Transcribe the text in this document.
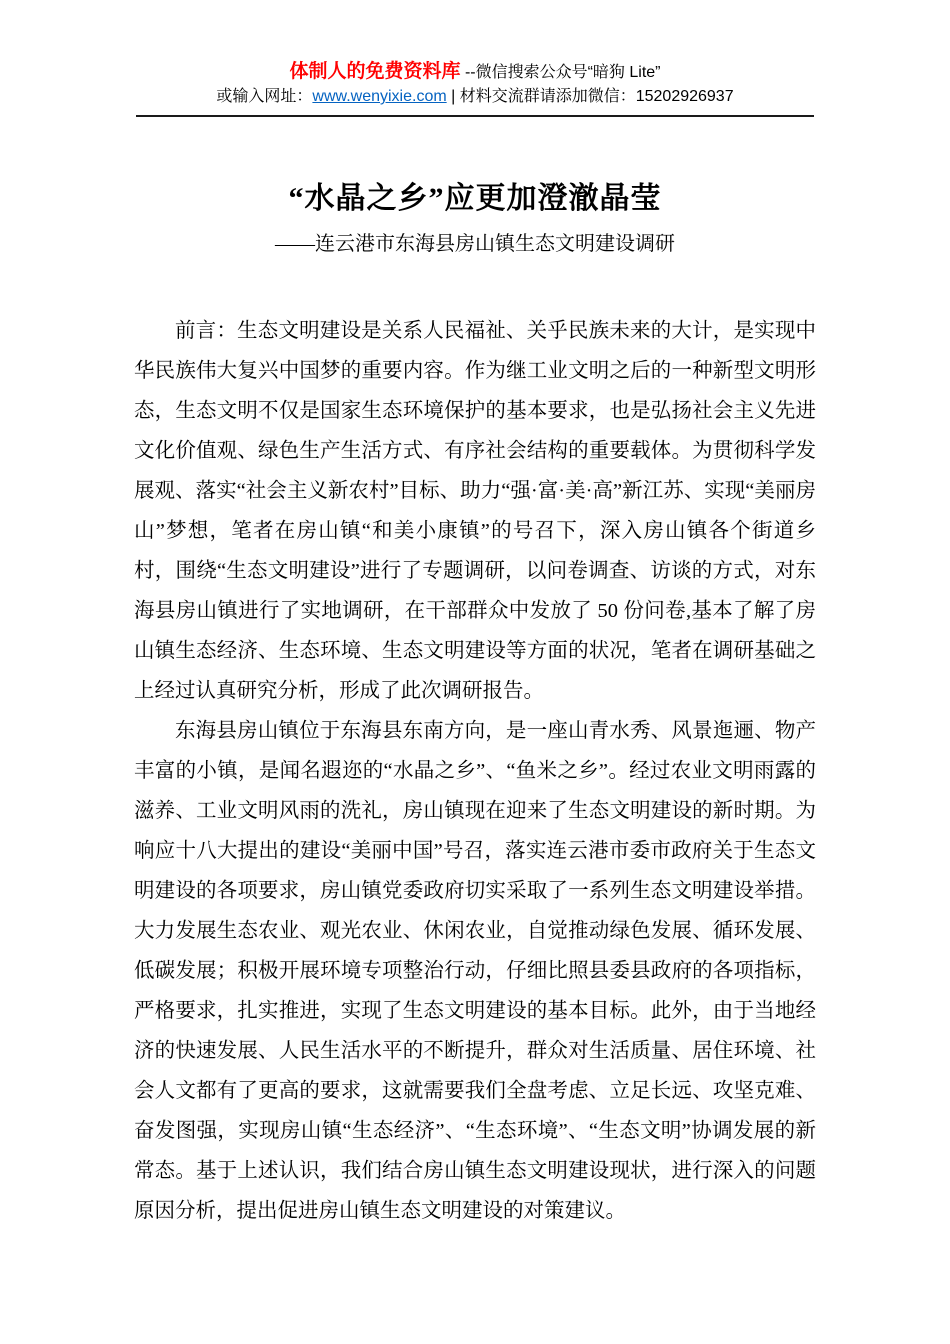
体制人的免费资料库 --微信搜索公众号“暗狗 Lite”
或输入网址：www.wenyixie.com | 材料交流群请添加微信：15202926937
“水晶之乡”应更加澄澈晶莹
——连云港市东海县房山镇生态文明建设调研

前言：生态文明建设是关系人民福祉、关乎民族未来的大计，是实现中华民族伟大复兴中国梦的重要内容。作为继工业文明之后的一种新型文明形态，生态文明不仅是国家生态环境保护的基本要求，也是弘扬社会主义先进文化价值观、绿色生产生活方式、有序社会结构的重要载体。为贯彻科学发展观、落实“社会主义新农村”目标、助力“强·富·美·高”新江苏、实现“美丽房山”梦想，笔者在房山镇“和美小康镇”的号召下，深入房山镇各个街道乡村，围绕“生态文明建设”进行了专题调研，以问卷调查、访谈的方式，对东海县房山镇进行了实地调研，在干部群众中发放了 50 份问卷,基本了解了房山镇生态经济、生态环境、生态文明建设等方面的状况，笔者在调研基础之上经过认真研究分析，形成了此次调研报告。

东海县房山镇位于东海县东南方向，是一座山青水秀、风景迤逦、物产丰富的小镇，是闻名遐迩的“水晶之乡”、“鱼米之乡”。经过农业文明雨露的滋养、工业文明风雨的洗礼，房山镇现在迎来了生态文明建设的新时期。为响应十八大提出的建设“美丽中国”号召，落实连云港市委市政府关于生态文明建设的各项要求，房山镇党委政府切实采取了一系列生态文明建设举措。大力发展生态农业、观光农业、休闲农业，自觉推动绿色发展、循环发展、低碳发展；积极开展环境专项整治行动，仔细比照县委县政府的各项指标，严格要求，扎实推进，实现了生态文明建设的基本目标。此外，由于当地经济的快速发展、人民生活水平的不断提升，群众对生活质量、居住环境、社会人文都有了更高的要求，这就需要我们全盘考虑、立足长远、攻坚克难、奋发图强，实现房山镇“生态经济”、“生态环境”、“生态文明”协调发展的新常态。基于上述认识，我们结合房山镇生态文明建设现状，进行深入的问题原因分析，提出促进房山镇生态文明建设的对策建议。
